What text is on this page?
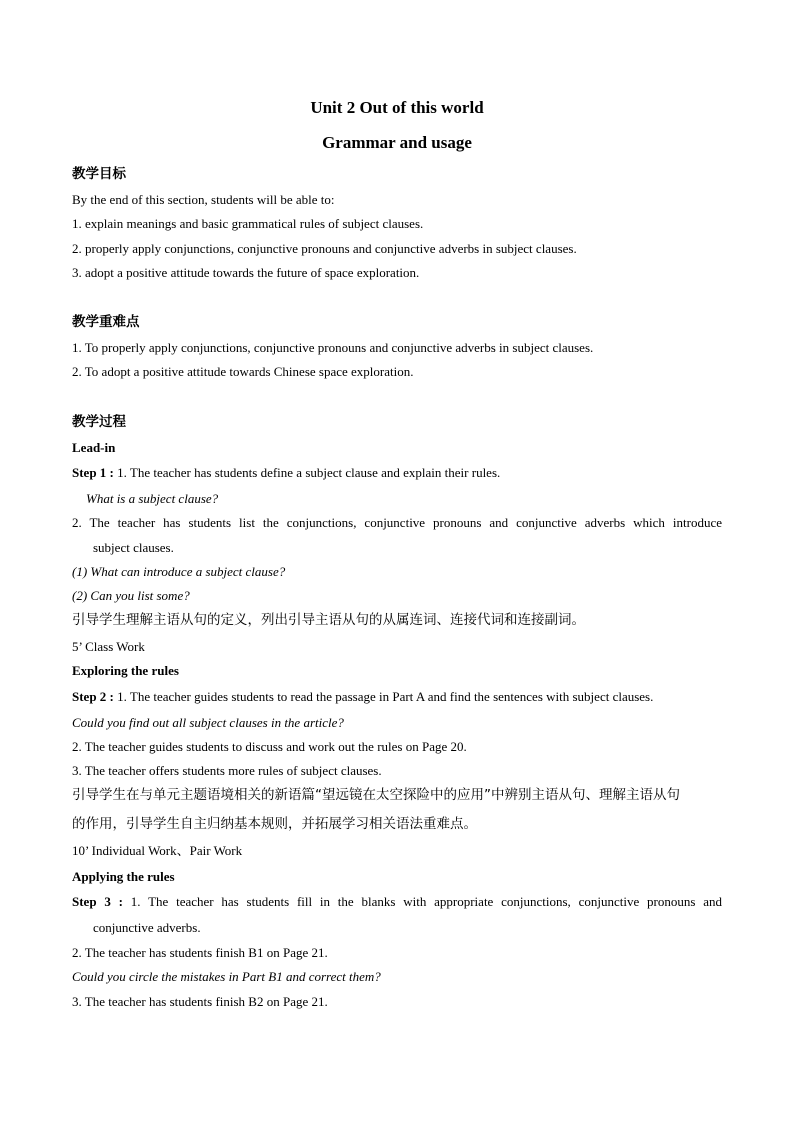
Unit 2 Out of this world
Grammar and usage
教学目标
By the end of this section, students will be able to:
1. explain meanings and basic grammatical rules of subject clauses.
2. properly apply conjunctions, conjunctive pronouns and conjunctive adverbs in subject clauses.
3. adopt a positive attitude towards the future of space exploration.
教学重难点
1. To properly apply conjunctions, conjunctive pronouns and conjunctive adverbs in subject clauses.
2. To adopt a positive attitude towards Chinese space exploration.
教学过程
Lead-in
Step 1 : 1. The teacher has students define a subject clause and explain their rules.
What is a subject clause?
2. The teacher has students list the conjunctions, conjunctive pronouns and conjunctive adverbs which introduce
subject clauses.
(1) What can introduce a subject clause?
(2) Can you list some?
引导学生理解主语从句的定义，列出引导主语从句的从属连词、连接代词和连接副词。
5’ Class Work
Exploring the rules
Step 2 : 1. The teacher guides students to read the passage in Part A and find the sentences with subject clauses.
Could you find out all subject clauses in the article?
2. The teacher guides students to discuss and work out the rules on Page 20.
3. The teacher offers students more rules of subject clauses.
引导学生在与单元主题语境相关的新语篇“望远镜在太空探险中的应用”中辨别主语从句、理解主语从句
的作用，引导学生自主归纳基本规则，并拓展学习相关语法重难点。
10’ Individual Work、Pair Work
Applying the rules
Step 3 : 1. The teacher has students fill in the blanks with appropriate conjunctions, conjunctive pronouns and
conjunctive adverbs.
2. The teacher has students finish B1 on Page 21.
Could you circle the mistakes in Part B1 and correct them?
3. The teacher has students finish B2 on Page 21.
